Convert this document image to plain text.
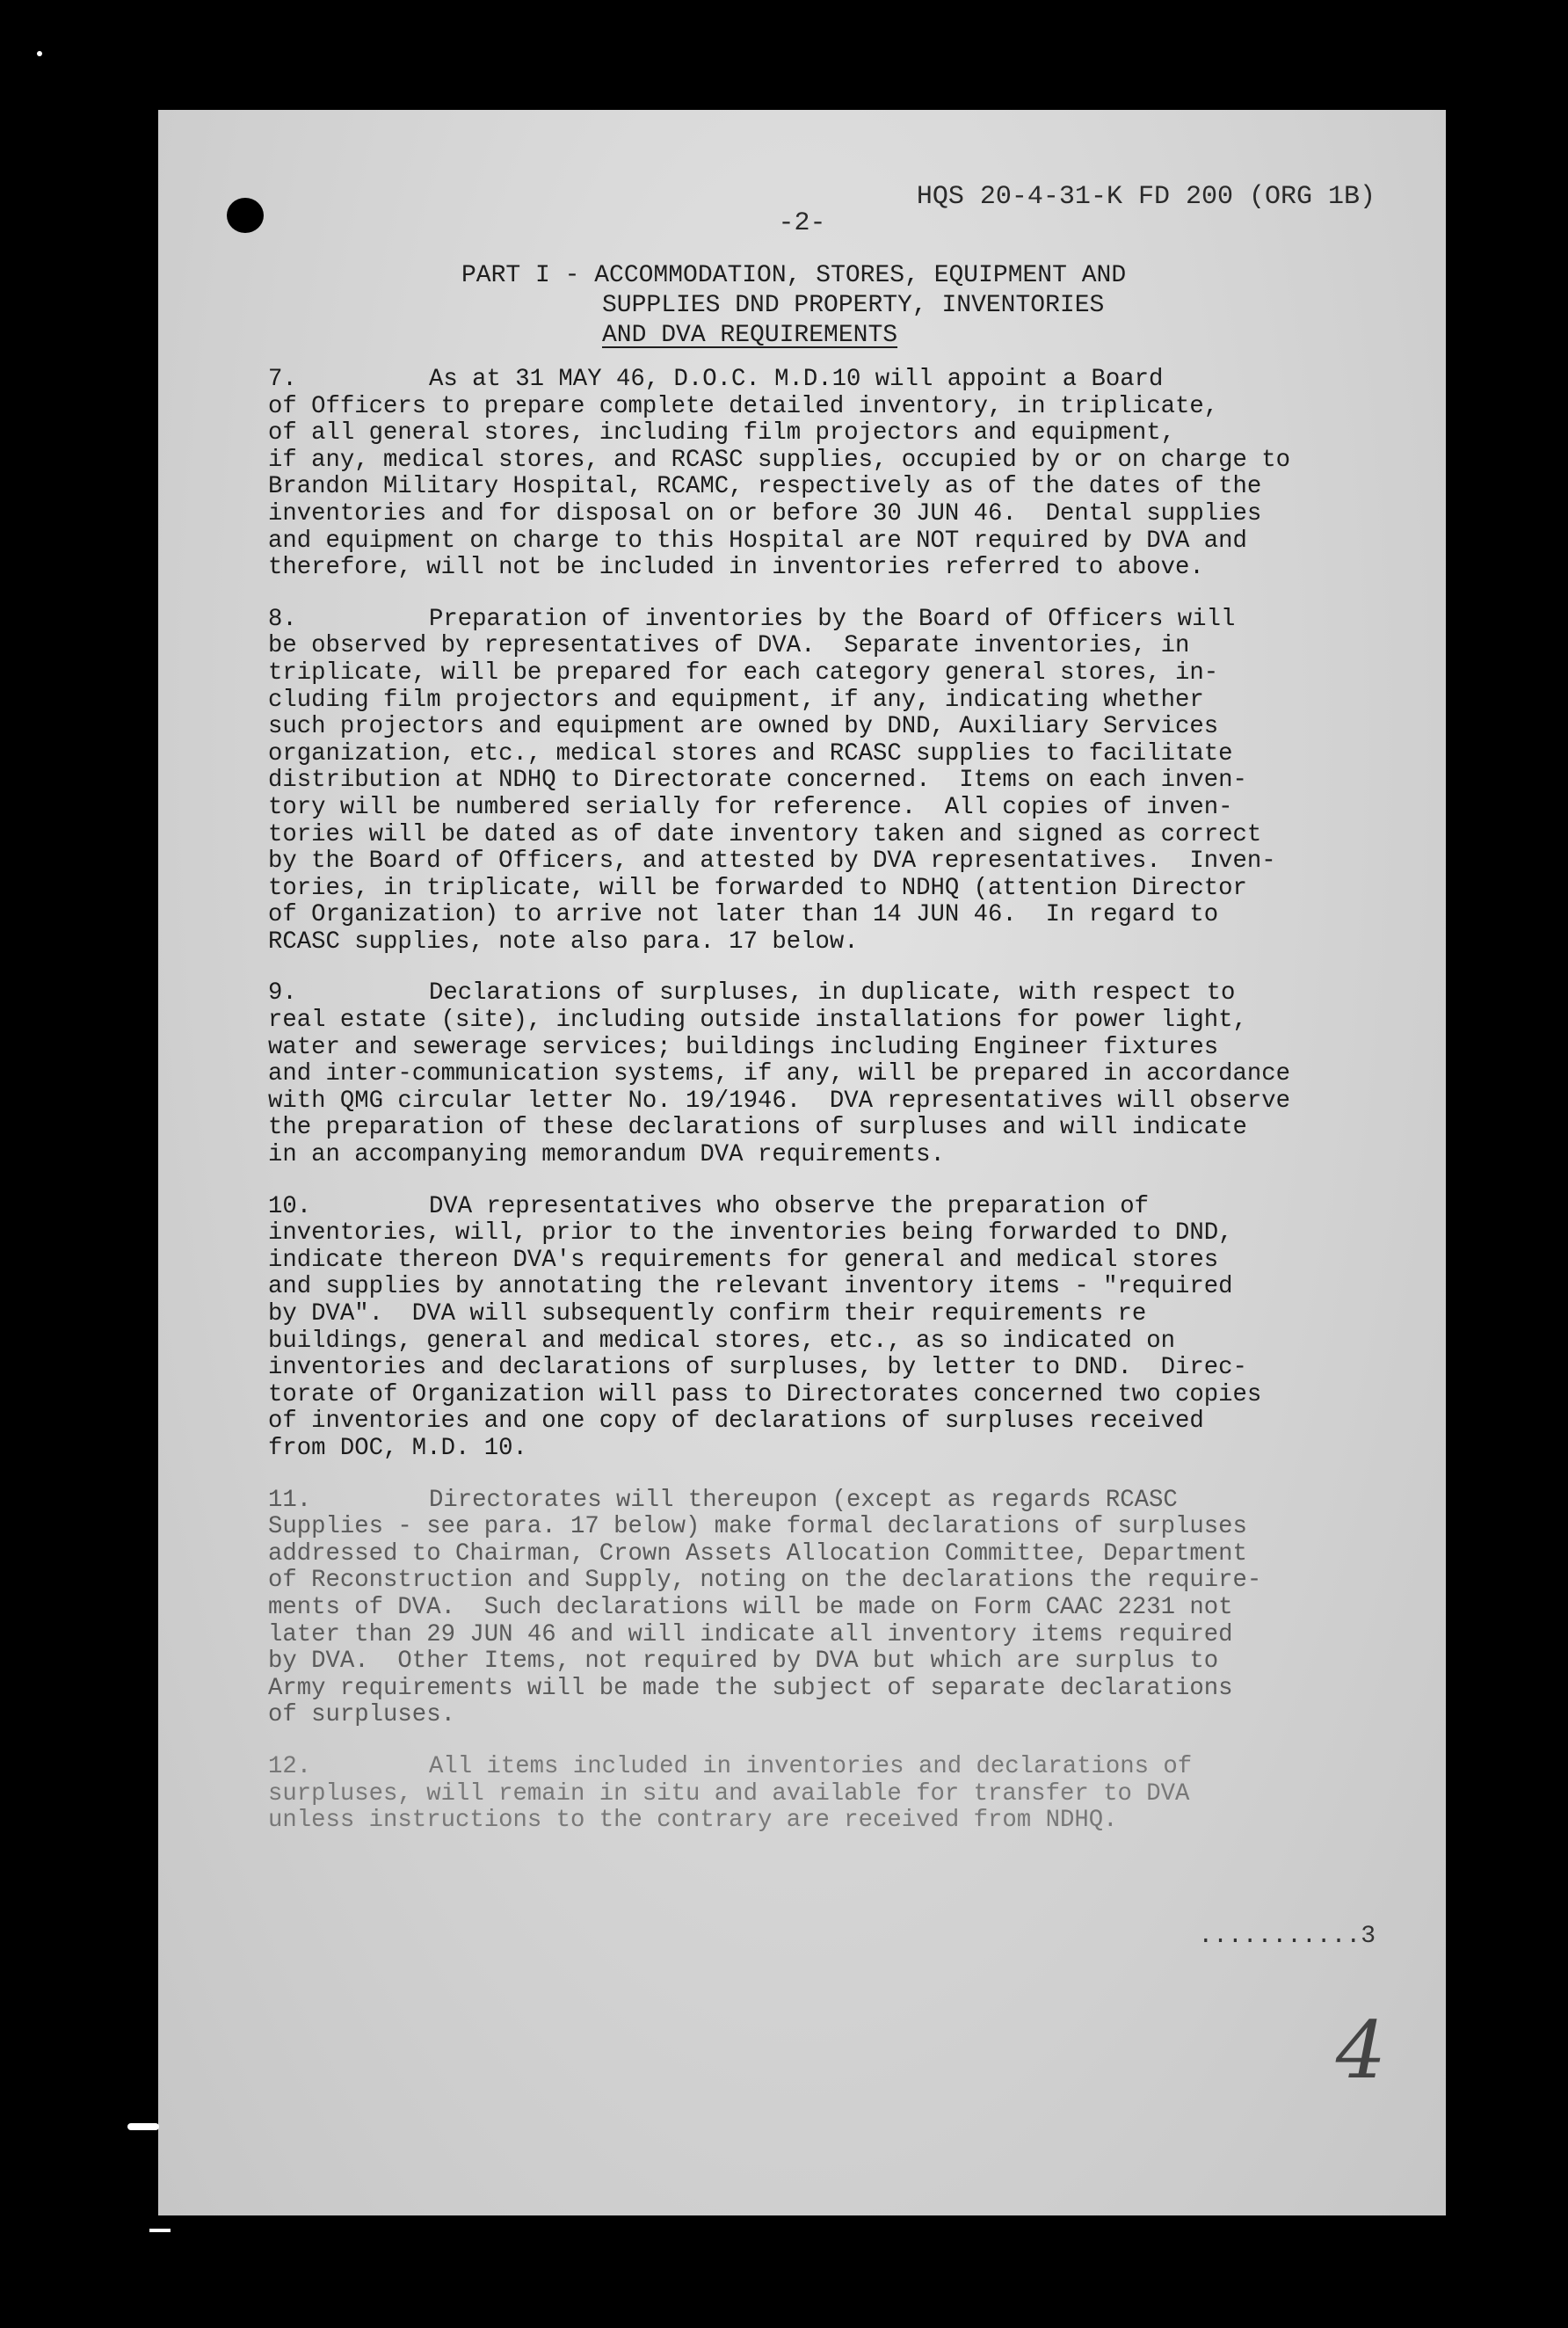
HQS 20-4-31-K FD 200 (ORG 1B)
-2-
PART I - ACCOMMODATION, STORES, EQUIPMENT AND
SUPPLIES DND PROPERTY, INVENTORIES
AND DVA REQUIREMENTS

7.	As at 31 MAY 46, D.O.C. M.D.10 will appoint a Board
of Officers to prepare complete detailed inventory, in triplicate,
of all general stores, including film projectors and equipment,
if any, medical stores, and RCASC supplies, occupied by or on charge to
Brandon Military Hospital, RCAMC, respectively as of the dates of the
inventories and for disposal on or before 30 JUN 46.  Dental supplies
and equipment on charge to this Hospital are NOT required by DVA and
therefore, will not be included in inventories referred to above.

8.	Preparation of inventories by the Board of Officers will
be observed by representatives of DVA.  Separate inventories, in
triplicate, will be prepared for each category general stores, in-
cluding film projectors and equipment, if any, indicating whether
such projectors and equipment are owned by DND, Auxiliary Services
organization, etc., medical stores and RCASC supplies to facilitate
distribution at NDHQ to Directorate concerned.  Items on each inven-
tory will be numbered serially for reference.  All copies of inven-
tories will be dated as of date inventory taken and signed as correct
by the Board of Officers, and attested by DVA representatives.  Inven-
tories, in triplicate, will be forwarded to NDHQ (attention Director
of Organization) to arrive not later than 14 JUN 46.  In regard to
RCASC supplies, note also para. 17 below.

9.	Declarations of surpluses, in duplicate, with respect to
real estate (site), including outside installations for power light,
water and sewerage services; buildings including Engineer fixtures
and inter-communication systems, if any, will be prepared in accordance
with QMG circular letter No. 19/1946.  DVA representatives will observe
the preparation of these declarations of surpluses and will indicate
in an accompanying memorandum DVA requirements.

10.	DVA representatives who observe the preparation of
inventories, will, prior to the inventories being forwarded to DND,
indicate thereon DVA's requirements for general and medical stores
and supplies by annotating the relevant inventory items - "required
by DVA".  DVA will subsequently confirm their requirements re
buildings, general and medical stores, etc., as so indicated on
inventories and declarations of surpluses, by letter to DND.  Direc-
torate of Organization will pass to Directorates concerned two copies
of inventories and one copy of declarations of surpluses received
from DOC, M.D. 10.

11.	Directorates will thereupon (except as regards RCASC
Supplies - see para. 17 below) make formal declarations of surpluses
addressed to Chairman, Crown Assets Allocation Committee, Department
of Reconstruction and Supply, noting on the declarations the require-
ments of DVA.  Such declarations will be made on Form CAAC 2231 not
later than 29 JUN 46 and will indicate all inventory items required
by DVA.  Other Items, not required by DVA but which are surplus to
Army requirements will be made the subject of separate declarations
of surpluses.

12.	All items included in inventories and declarations of
surpluses, will remain in situ and available for transfer to DVA
unless instructions to the contrary are received from NDHQ.

...........3
4
